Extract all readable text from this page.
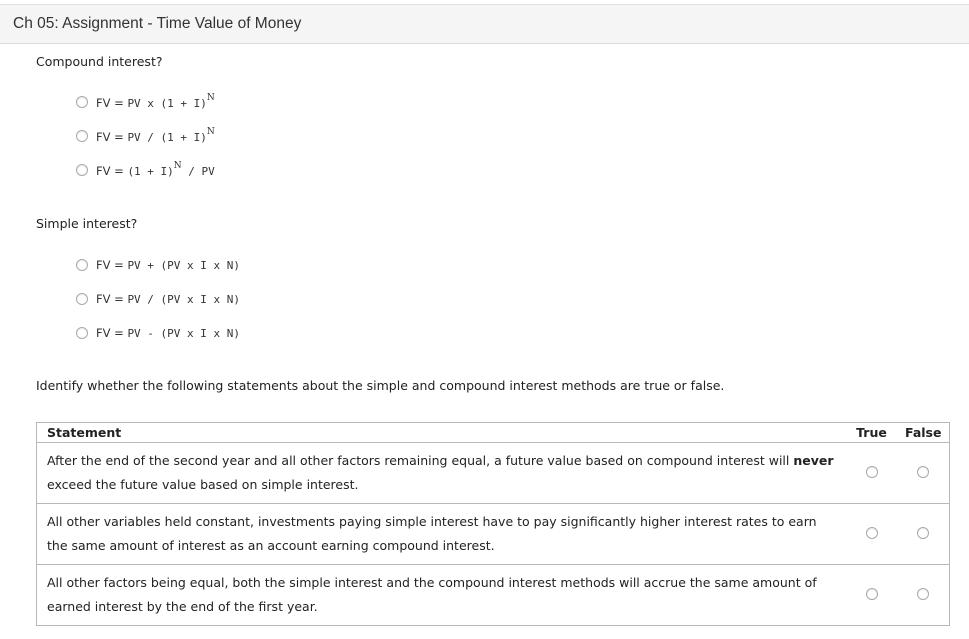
Ch 05: Assignment - Time Value of Money
Compound interest?
FV = PV x $(1 + I)^N$
FV = PV / $(1 + I)^N$
FV = $(1 + I)^N$ / PV
Simple interest?
FV = PV + (PV x I x N)
FV = PV / (PV x I x N)
FV = PV - (PV x I x N)
Identify whether the following statements about the simple and compound interest methods are true or false.
Statement	True	False
After the end of the second year and all other factors remaining equal, a future value based on compound interest will never exceed the future value based on simple interest.		
All other variables held constant, investments paying simple interest have to pay significantly higher interest rates to earn the same amount of interest as an account earning compound interest.		
All other factors being equal, both the simple interest and the compound interest methods will accrue the same amount of earned interest by the end of the first year.		
